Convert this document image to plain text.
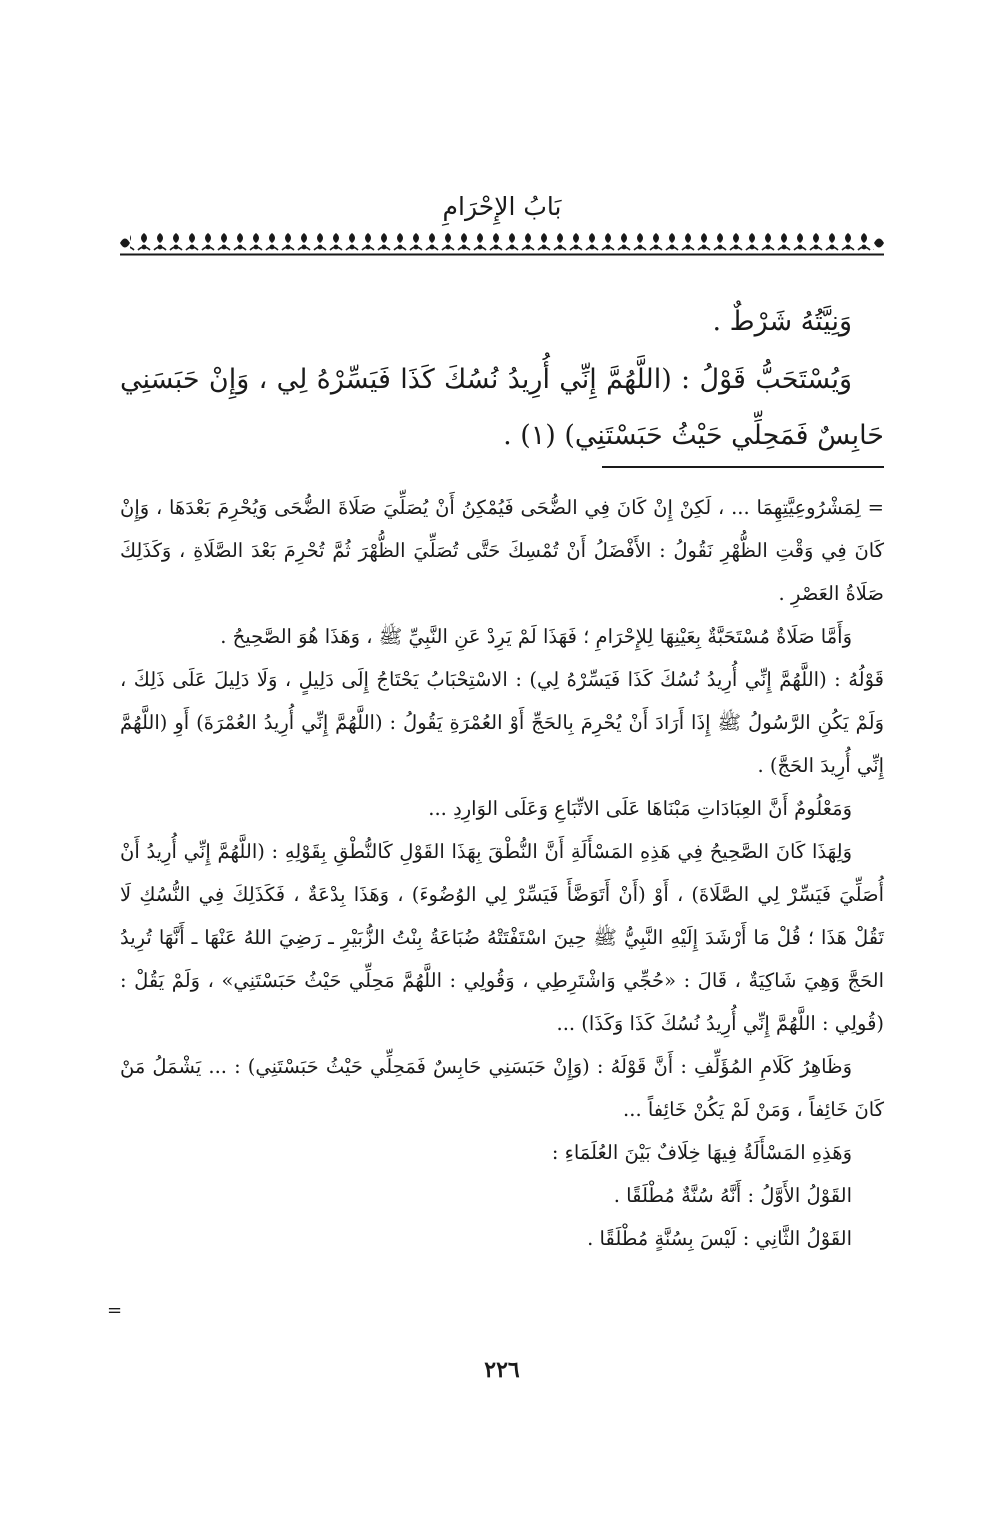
بَابُ الإِحْرَامِ

وَنِيَّتُهُ شَرْطٌ .

وَيُسْتَحَبُّ قَوْلُ : (اللَّهُمَّ إِنِّي أُرِيدُ نُسُكَ كَذَا فَيَسِّرْهُ لِي ، وَإِنْ حَبَسَنِي حَابِسٌ فَمَحِلِّي حَيْثُ حَبَسْتَنِي) (١) .

= لِمَشْرُوعِيَّتِهِمَا ... ، لَكِنْ إِنْ كَانَ فِي الضُّحَى فَيُمْكِنُ أَنْ يُصَلِّيَ صَلَاةَ الضُّحَى وَيُحْرِمَ بَعْدَهَا ، وَإِنْ كَانَ فِي وَقْتِ الظُّهْرِ نَقُولُ : الأَفْضَلُ أَنْ تُمْسِكَ حَتَّى تُصَلِّيَ الظُّهْرَ ثُمَّ تُحْرِمَ بَعْدَ الصَّلَاةِ ، وَكَذَلِكَ صَلَاةُ العَصْرِ .

وَأَمَّا صَلَاةٌ مُسْتَحَبَّةٌ بِعَيْنِهَا لِلإِحْرَامِ ؛ فَهَذَا لَمْ يَرِدْ عَنِ النَّبِيِّ ﷺ ، وَهَذَا هُوَ الصَّحِيحُ .

قَوْلُهُ : (اللَّهُمَّ إِنِّي أُرِيدُ نُسُكَ كَذَا فَيَسِّرْهُ لِي) : الاسْتِحْبَابُ يَحْتَاجُ إِلَى دَلِيلٍ ، وَلَا دَلِيلَ عَلَى ذَلِكَ ، وَلَمْ يَكُنِ الرَّسُولُ ﷺ إِذَا أَرَادَ أَنْ يُحْرِمَ بِالحَجِّ أَوْ العُمْرَةِ يَقُولُ : (اللَّهُمَّ إِنِّي أُرِيدُ العُمْرَةَ) أَوِ (اللَّهُمَّ إِنِّي أُرِيدَ الحَجَّ) .

وَمَعْلُومٌ أَنَّ العِبَادَاتِ مَبْنَاهَا عَلَى الاتِّبَاعِ وَعَلَى الوَارِدِ ...

وَلِهَذَا كَانَ الصَّحِيحُ فِي هَذِهِ المَسْأَلَةِ أَنَّ النُّطْقَ بِهَذَا القَوْلِ كَالنُّطْقِ بِقَوْلِهِ : (اللَّهُمَّ إِنِّي أُرِيدُ أَنْ أُصَلِّيَ فَيَسِّرْ لِي الصَّلَاةَ) ، أَوْ (أَنْ أَتَوَضَّأَ فَيَسِّرْ لِي الوُضُوءَ) ، وَهَذَا بِدْعَةٌ ، فَكَذَلِكَ فِي النُّسُكِ لَا تَقُلْ هَذَا ؛ قُلْ مَا أَرْشَدَ إِلَيْهِ النَّبِيُّ ﷺ حِينَ اسْتَفْتَتْهُ ضُبَاعَةُ بِنْتُ الزُّبَيْرِ ـ رَضِيَ اللهُ عَنْهَا ـ أَنَّهَا تُرِيدُ الحَجَّ وَهِيَ شَاكِيَةٌ ، قَالَ : «حُجِّي وَاشْتَرِطِي ، وَقُولِي : اللَّهُمَّ مَحِلِّي حَيْثُ حَبَسْتَنِي» ، وَلَمْ يَقُلْ : (قُولِي : اللَّهُمَّ إِنِّي أُرِيدُ نُسُكَ كَذَا وَكَذَا) ...

وَظَاهِرُ كَلَامِ المُؤَلِّفِ : أَنَّ قَوْلَهُ : (وَإِنْ حَبَسَنِي حَابِسٌ فَمَحِلِّي حَيْثُ حَبَسْتَنِي) : ... يَشْمَلُ مَنْ كَانَ خَائِفاً ، وَمَنْ لَمْ يَكُنْ خَائِفاً ...

وَهَذِهِ المَسْأَلَةُ فِيهَا خِلَافٌ بَيْنَ العُلَمَاءِ :

القَوْلُ الأَوَّلُ : أَنَّهُ سُنَّةٌ مُطْلَقًا .

القَوْلُ الثَّانِي : لَيْسَ بِسُنَّةٍ مُطْلَقًا .

=
٢٢٦
